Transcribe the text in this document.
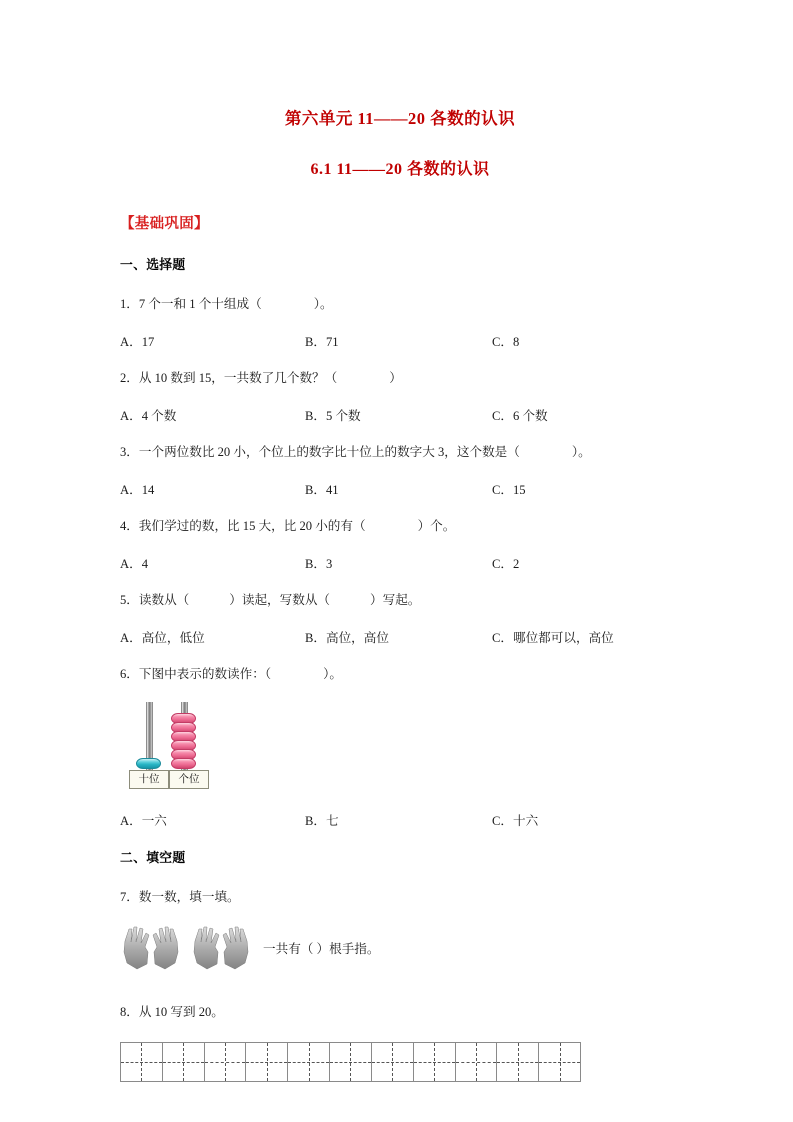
第六单元 11——20 各数的认识
6.1 11——20 各数的认识
【基础巩固】
一、选择题
1．7 个一和 1 个十组成（	）。
A．17	B．71	C．8
2．从 10 数到 15，一共数了几个数？（	）
A．4 个数	B．5 个数	C．6 个数
3．一个两位数比 20 小，个位上的数字比十位上的数字大 3，这个数是（	）。
A．14	B．41	C．15
4．我们学过的数，比 15 大，比 20 小的有（	）个。
A．4	B．3	C．2
5．读数从（	）读起，写数从（	）写起。
A．高位，低位	B．高位，高位	C．哪位都可以，高位
6．下图中表示的数读作：（	）。
十位	个位
A．一六	B．七	C．十六
二、填空题
7．数一数，填一填。
一共有（ ）根手指。
8．从 10 写到 20。
